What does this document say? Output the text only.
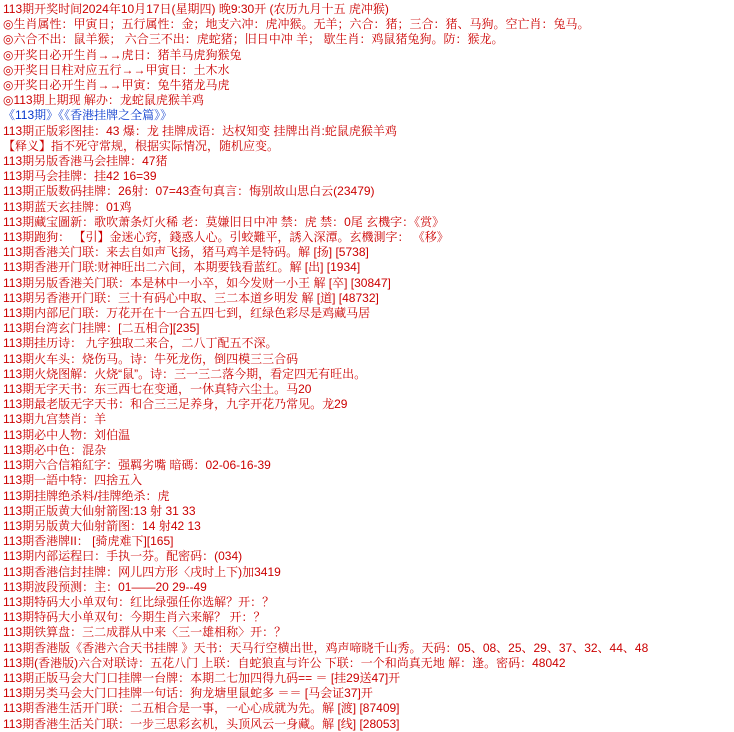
113期开奖时间2024年10月17日(星期四) 晚9:30开 (农历九月十五 虎冲猴)
◎生肖属性：甲寅日；五行属性：金；地支六冲：虎冲猴。无羊；六合：猪；三合：猪、马狗。空亡肖：兔马。
◎六合不出：鼠羊猴； 六合三不出：虎蛇猪；旧日中冲 羊； 歇生肖：鸡鼠猪兔狗。防：猴龙。
◎开奖日必开生肖→→虎日：猪羊马虎狗猴兔
◎开奖日日柱对应五行→→甲寅日：土木水
◎开奖日必开生肖→→甲寅：兔牛猪龙马虎
◎113期上期现 解办：龙蛇鼠虎猴羊鸡
《113期》《《香港挂牌之全篇》》
113期正版彩图挂：43 爆：龙 挂牌成语：达权知变 挂牌出肖:蛇鼠虎猴羊鸡
【释义】指不死守常规，根据实际情况，随机应变。
113期另版香港马会挂牌：47猪
113期马会挂牌：挂42 16=39
113期正版数码挂牌：26射：07=43查句真言：悔别故山思白云(23479)
113期蓝天玄挂牌：01鸡
113期藏宝圖新：歌吹萧条灯火稀 老：莫嫌旧日中冲 禁：虎 禁：0尾 玄機字：《赏》
113期跑狗： 【引】金迷心窍，錢惑人心。引蛟難平，誘入深潭。玄機測字： 《移》
113期香港关门联：来去自如声飞扬，猪马鸡羊是特码。解 [扬] [5738]
113期香港开门联:财神旺出二六间，本期要钱看蓝红。解 [出] [1934]
113期另版香港关门联：本是林中一小卒，如今发财一小王 解 [卒] [30847]
113期另香港开门联：三十有码心中取、三二本道乡明发 解 [道] [48732]
113期内部尼门联：万花开在十一合五四七到，红绿色彩尽是鸡藏马居
113期台湾玄门挂牌：[二五相合][235]
113期挂历诗： 九字独取二来合，二八丁配五不深。
113期火车头：烧伤马。诗：牛死龙伤，倒四模三三合码
113期火烧图解：火烧“鼠”。诗：三一三二落今期，看定四无有旺出。
113期无字天书：东三西七在变通，一休真特六尘土。马20
113期最老版无字天书：和合三三足养身，九字开花乃常见。龙29
113期九宫禁肖：羊
113期必中人物：刘伯温
113期必中色：混杂
113期六合信箱紅字：强羁劣嘴 暗碼：02-06-16-39
113期一語中特：四捨五入
113期挂牌绝杀料/挂牌绝杀：虎
113期正版黄大仙射箭图:13 射 31 33
113期另版黄大仙射箭图：14 射42 13
113期香港牌II： [骑虎难下][165]
113期内部运程曰：手执一芬。配密码：(034)
113期香港信封挂牌：网儿四方形〈戌时上下)加3419
113期波段预测：主：01——20 29--49
113期特码大小单双句：红比绿强任你选解？开：？
113期特码大小单双句：今期生肖六来解？ 开：？
113期铁算盘：三二成群从中来〈三一雄相称〉开：？
113期香港版《香港六合天书挂牌 》天书：天马行空横出世，鸡声啼晓千山秀。天码：05、08、25、29、37、32、44、48
113期(香港版)六合对联诗：五花八门 上联：自蛇狼直与许公 下联：一个和尚真无地 解：逢。密码：48042
113期正版马会大门口挂牌一台牌：本期二七加四得九码== ＝ [挂29送47]开
113期另类马会大门口挂牌一句话：狗龙塘里鼠蛇多 ＝＝ [马会证37]开
113期香港生活开门联：二五相合是一事，一心心成就为先。解 [渡] [87409]
113期香港生活关门联：一步三思彩玄机，头顶风云一身藏。解 [线] [28053]
